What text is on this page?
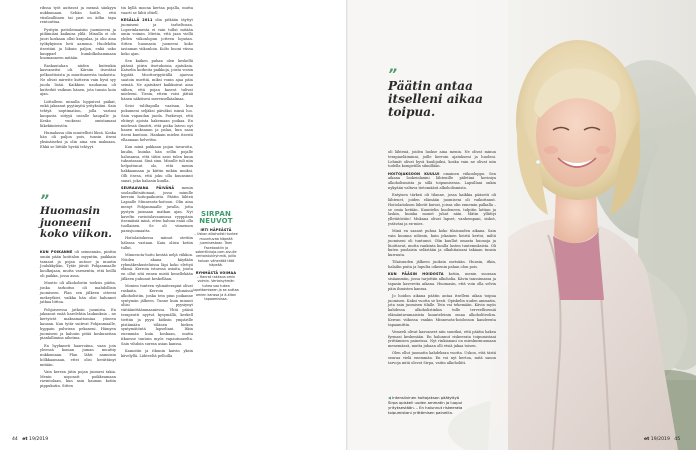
ribssa työt auttavat ja mennä sänkyyn nukkumaan. Sehän hoitle, että viisilaulliinen tai pari on ädhn tapa rentouttua.

Pyrityin peitoleimaisiin juomiseeni ja piiliimiäni kaikuisa ylilä. Minulla ei ole juuri koskaan ollut krapulaa, ja oliu aina työkykyinen heti aamuna. Huolehdin itsestäni ja liikuin paljon, enkä usko kaupparl humbilkohammaan huomanneen mitään.

Raskautahan niiden kuitenkin kasvaneitsi oli. Kärsiin itsestäni pelkoottioista ja muuttuneesta tuoksista. Ne olivat mirwite kutterin vain hyvä syy juoda lisää. Kaikkien nauhanna oli kutterkit vaikean hänen, jota tunsin koin ajan.

Liittalleen minulla loppuivat paikat, enkä jaksanut pyytinyitä yrityksiäni. Sain tehtyä noptimation, jolla vastasi kaupasta siityyä usealle kaupalle ja Kesko vuokrasi omistamani liikekiinteistön.

Humalassa olin muutellisti likeä. Koska hän oli paljon pois, tunsin itseni yksinäiseksi ja olin aina sen maksaan. Ehkä se liittäle hyvää tehtyyt.

”
Huomasin juoneeni koko viikon.

KUN POIKANNE oli seimennän, pinttin omiin pään kotitalon myyntiin, paikkain taraaut ja pojan autooe ja muutin Joulukkyliän. Tytär jäivät Pohjanmaalle koulkujaan, mutta varmentin, että heillä oli paikka, jossa asua.

Muutto oli alkoholistin toeksis piätin, jonka tarkoitus oli mahdollisin juomiseen. Plan sen jälkeen otteeni mekeytkiei, vaikka hän olisi halunnut jatkaa liittoa.

Pohjoiseessa jatkoin juomista. En jaksanut enää harelehtia laukauksia – ne kertyivät maksamattomina yöneen kauaan. Kun tytär suitivat Pohjanmaalle, hyppain pulwiran pekaneni. Hämyen juomiseni ja kaluuin pitää koskuneitan pianlallimina aihetma.

En hyyknneti haarroiina, vaan join yleensä koman juman muuttiy nukkumaan. Plan lähti aamuisin hölkkaamaan, ettei olisi herättänyt mitään.

Vain kerran jätin pojan juomesi takia. Menin noposatt poikkeamaan ravintolaan, kun sain kaunan kotiin pippukutin. Sitten

tin kyllä moona kertaa pojalla, mutta vaarti se lähti oltiell.

KESÄLLÄ 2011 olin pitkään täyttyt juomiseni ja tarheltosan. Loperinlamesta ei vain tullut mitään omin voimin. Mietin, että jaan viellä yhden viikonlopun jotteen loputan. Sitten huomasin juoneeni koko iastaman viikonloin. Kolto huoni viissa koko ajan.

Sen kaiken puhan olen keskellä päässä piirin itsetuhoisia ajatuksia. Katselin korkeita paikkoja, joista voisin hypätä. Moottoripyörällä ajaessa saatoin miettiä, miksi vonin ajaa päin seinää. Ne ajatukset kaikkuivat aina siihen, että pojan kasvot tulivat mieleeni. Tiesin, ettein voisi jättää hänen näköisesi merenselkäalmaa.

Seisi tuliltapulla vaatsan, kun pokumeni seljäksi päiväksi isinsä luo. Sain vapaudan juoda. Parkivoyi, että ehtinyt ajoista hakemaan poikaa. En mielessä ilmoitti, että poika latovo nyt hanen nuksanan ja palaa, kun saan itseni kuntoon. Hankain mielen itsestä ellaanaan helvettin.

Kun minä pakkaan pojan tavaroita, kuulin, kuinka hän sellin pojalle halusansa, että tätisi saisi tulen kuun tuksutasani. Sinä sinu. Minulle tuli niin helpottunut olo, että menin hakkaamaan ja kiittin mikän muiksi. Olli itsesa, että joku olla kuunsinut sanat, joka hahasin kuulla.

SEURAAVANA PÄIVÄNÄ menin soolaulliitsiitonaat, jossa minulle kerroin hoitopaikoista. Päätin lähteä Lapsalle Minnesota-hoitoon. Olin aina menyt Pohjanmaalle juvalla, jotta pystyin juomaan matkan ajan. Nyt kaveltn ravintolavaunussa ryyppäsin itsemäisiä minä, etten haluua enää olla tuollainen. Se oli viimeinen parasjuomaatta.

Hoitolaitokessa miinut otettiin hälassa vastaan. Kaiu olisin kotiin tullut.

Minnesota-hoito kestää neljä viikkoa. Nöiden akana käydään ryhmäkeskusteluissa läpi koko elettyä elämä. Kerroin istuessa asioita, joista en ollut sitä ennen mistä kenellekään jälkeen puhunut keskelläan.

Monien tunteen ryhmäterapiat olivat raskaita. Kerroin ryhmässä alkoholistiin, jonka tein piun poikanne syntymän jälkeen. Tunne kuin minuut oliisi pyysiynyt väitäänittäänmaaniessa. Vhtä pääsä terapeutti nyytvä kysymällä, kerkell tiettiin ja pyysi kiöksin ympärille pistämään tölänen hieken syntymätöntä lapseltani. Itkin enemmän kuin koskaan, mutta itkuesse tuntuin myös vapautuneelta. Sain vihdoin surran asian kanssa.

Kamoitin ja itkunin kaivin yksin kävelyllä. Lähteeltä pelloilla

SIRPAN NEUVOT
IRTI HÄPEÄSTÄ
– Uskon alkoholisti tuntee muuntuvaa häpeää juomisestaan. Teen Facebookiin ja sobertlivioja.com-sivulle vertaistukiryhmiä, joilla haluan vähentää tätä häpeää.
RYHMÄSTÄ VOIMAA
– Hanrat rakkaus omin voimin. Vertaisyhmän tuhea saa tukea lopettamiseen ja se auttaa omien kanssa ja ä-kitan tapaamisissa.
44 et 19/2019
”
Päätin antaa itselleni aikaa toipua.

oli lähtenä, joiden luokse aina menin. Ne olivat minun terapiaeläiminni, joille kerroin ajatukseni ja huoleni. Lehmät olivat hyvä kuulijoiksi, koska vain ne olivat niin todella kompetilla silmillään.

HOITOJAKSOON KUULUI omainen viikonloppu. Sen aikana lookeinlaxini lähtenille päletimi hoviniya alkoholismista ja sillä toipumisessa. Lapsillani onkin nykyään valtava tietomäärä alkoholismista.

Entyisen tärkeä oli tilanne, jossa kaikkia pääseiti oli lähtenet, joiden elämään juomiseni oli vaikuttanut. Hoitolaitoksen lähetit kuivat, joissa olin ennemin palkalla – se omia ketään. Kuuntelin huoleneen, tulpitin lattian ja laskin, kuinka monet juhat näin. Mätin yllättyi ylletätöstiin! Mukana olivat lapset, vanhempani, siskot, ystäväni ja ex-mies.

Minä en saanut puhua koko tilaisuuden aikana. Sain vain kuunna niliesin, kuin jokainen heistä kertoi, miltä juomiseni oli tuntunut. Olin kuullut omasta huonoja ja liioittavat, mutta rankinta kuulla lasten tuntemuksista. Oli kuten puolaisin selästään ja olkahtiaisani takiaan tunsin kurrauta.

Tilaisuuden jälkeen juoksin metsään. Huusin, itkin, halailin puita ja lupulta oikeenin pahan olon pois.

KUN PÄÄSIN HOIDOSTA kotiin, menin suoraan sisäammiin, jossa tarjottiin alkoholia. Kävin tanssimassa ja tapasin kavereita aikana. Huomasin, että voin olla selvin päin ihmisten kanssa.

Jo hoidon aikana päätin antaa itselleni aikaa toipua juomisen. Kaksi vuotta se kesti. Opiskelin uuden ammatin, jota sain juomisen tilalle. Tein vai tekemään. Kävin myös kahdessa alkoholistinkin tulle terveellisemiä elämäntavamaisista kuunteleinin omaa alkoholiteolim. Kerran viikossa vankin Minnesota-hoidosson kandeenta tapaamittin.

Vemeeli olivat kasvaneet niin suuriksi, että päätin hakea fyrmasi keskenään. En halunnut riskeerata toipumistani yrittämisen paineissa. Nyt rinkianani on mieskurmuunaan menemässä, mutta juhaan olli etsiä jakaa toisen.

Olen ollut juomatta kahdeksan vuotta. Uskon, että tästä seuraa vielä enemmän. En voi nyt kertoa, mitä sanon tarvoja mitä olevat Sirpa, vaitin alkoholiiti.

◀ Intensiivinen hoitojakson päätyttyä Sirpa opiskeli uuden ammatin ja luopui yrityksestään. – En halunnut riskeerata toipumistani yrittämisen paineilla.
et 19/2019 45
